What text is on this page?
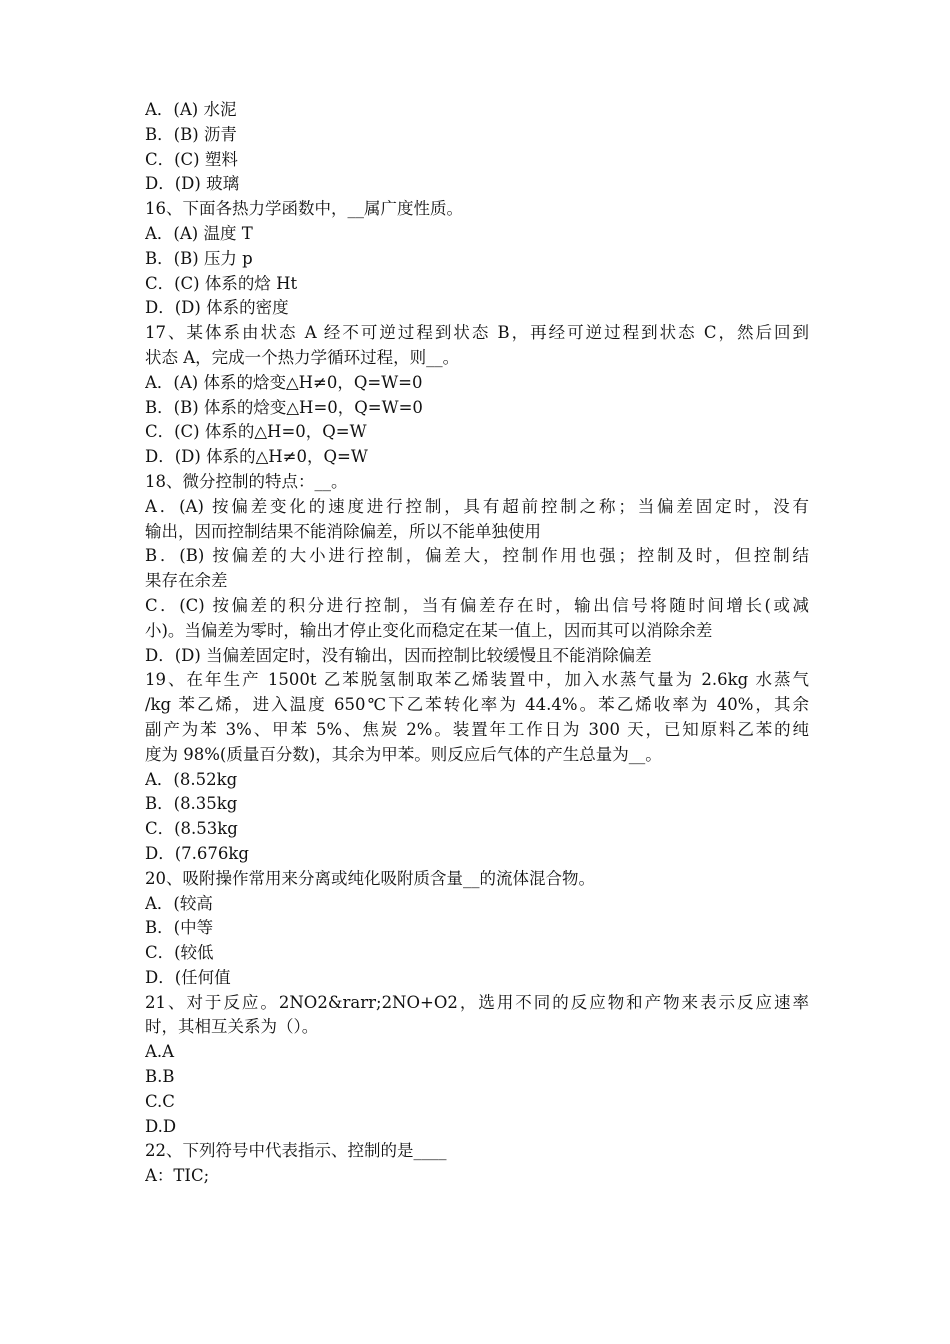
A．(A) 水泥
B．(B) 沥青
C．(C) 塑料
D．(D) 玻璃
16、下面各热力学函数中，__属广度性质。
A．(A) 温度 T
B．(B) 压力 p
C．(C) 体系的焓 Ht
D．(D) 体系的密度
17、某体系由状态 A 经不可逆过程到状态 B，再经可逆过程到状态 C，然后回到
状态 A，完成一个热力学循环过程，则__。
A．(A) 体系的焓变△H≠0，Q=W=0
B．(B) 体系的焓变△H=0，Q=W=0
C．(C) 体系的△H=0，Q=W
D．(D) 体系的△H≠0，Q=W
18、微分控制的特点：__。
A．(A) 按偏差变化的速度进行控制，具有超前控制之称；当偏差固定时，没有
输出，因而控制结果不能消除偏差，所以不能单独使用
B．(B) 按偏差的大小进行控制，偏差大，控制作用也强；控制及时，但控制结
果存在余差
C．(C) 按偏差的积分进行控制，当有偏差存在时，输出信号将随时间增长(或减
小)。当偏差为零时，输出才停止变化而稳定在某一值上，因而其可以消除余差
D．(D) 当偏差固定时，没有输出，因而控制比较缓慢且不能消除偏差
19、在年生产 1500t 乙苯脱氢制取苯乙烯装置中，加入水蒸气量为 2.6kg 水蒸气
/kg 苯乙烯，进入温度 650℃下乙苯转化率为 44.4%。苯乙烯收率为 40%，其余
副产为苯 3%、甲苯 5%、焦炭 2%。装置年工作日为 300 天，已知原料乙苯的纯
度为 98%(质量百分数)，其余为甲苯。则反应后气体的产生总量为__。
A．(8.52kg
B．(8.35kg
C．(8.53kg
D．(7.676kg
20、吸附操作常用来分离或纯化吸附质含量__的流体混合物。
A．(较高
B．(中等
C．(较低
D．(任何值
21、对于反应。2NO2&rarr;2NO+O2，选用不同的反应物和产物来表示反应速率
时，其相互关系为（）。
A.A
B.B
C.C
D.D
22、下列符号中代表指示、控制的是____
A：TIC;
